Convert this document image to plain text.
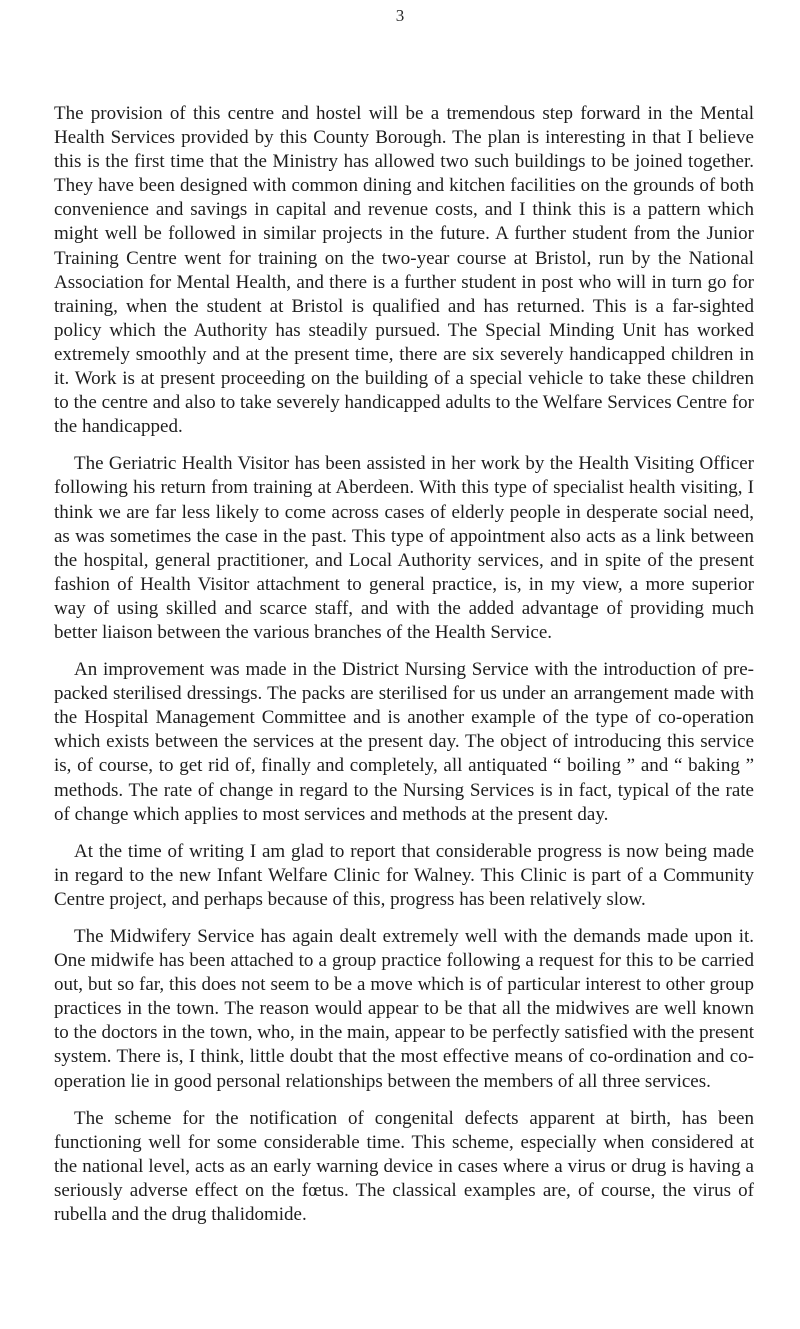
3

The provision of this centre and hostel will be a tremendous step forward in the Mental Health Services provided by this County Borough. The plan is interesting in that I believe this is the first time that the Ministry has allowed two such buildings to be joined together. They have been designed with common dining and kitchen facilities on the grounds of both convenience and savings in capital and revenue costs, and I think this is a pattern which might well be followed in similar projects in the future. A further student from the Junior Training Centre went for training on the two-year course at Bristol, run by the National Association for Mental Health, and there is a further student in post who will in turn go for training, when the student at Bristol is qualified and has returned. This is a far-sighted policy which the Authority has steadily pursued. The Special Minding Unit has worked extremely smoothly and at the present time, there are six severely handicapped children in it. Work is at present proceeding on the building of a special vehicle to take these children to the centre and also to take severely handicapped adults to the Welfare Services Centre for the handicapped.

The Geriatric Health Visitor has been assisted in her work by the Health Visiting Officer following his return from training at Aberdeen. With this type of specialist health visiting, I think we are far less likely to come across cases of elderly people in desperate social need, as was sometimes the case in the past. This type of appointment also acts as a link between the hospital, general practitioner, and Local Authority services, and in spite of the present fashion of Health Visitor attachment to general practice, is, in my view, a more superior way of using skilled and scarce staff, and with the added advantage of providing much better liaison between the various branches of the Health Service.

An improvement was made in the District Nursing Service with the introduction of pre-packed sterilised dressings. The packs are sterilised for us under an arrangement made with the Hospital Management Committee and is another example of the type of co-operation which exists between the services at the present day. The object of introducing this service is, of course, to get rid of, finally and completely, all antiquated “ boiling ” and “ baking ” methods. The rate of change in regard to the Nursing Services is in fact, typical of the rate of change which applies to most services and methods at the present day.

At the time of writing I am glad to report that considerable progress is now being made in regard to the new Infant Welfare Clinic for Walney. This Clinic is part of a Community Centre project, and perhaps because of this, progress has been relatively slow.

The Midwifery Service has again dealt extremely well with the demands made upon it. One midwife has been attached to a group practice following a request for this to be carried out, but so far, this does not seem to be a move which is of particular interest to other group practices in the town. The reason would appear to be that all the midwives are well known to the doctors in the town, who, in the main, appear to be perfectly satisfied with the present system. There is, I think, little doubt that the most effective means of co-ordination and co-operation lie in good personal relationships between the members of all three services.

The scheme for the notification of congenital defects apparent at birth, has been functioning well for some considerable time. This scheme, especially when considered at the national level, acts as an early warning device in cases where a virus or drug is having a seriously adverse effect on the fœtus. The classical examples are, of course, the virus of rubella and the drug thalidomide.
